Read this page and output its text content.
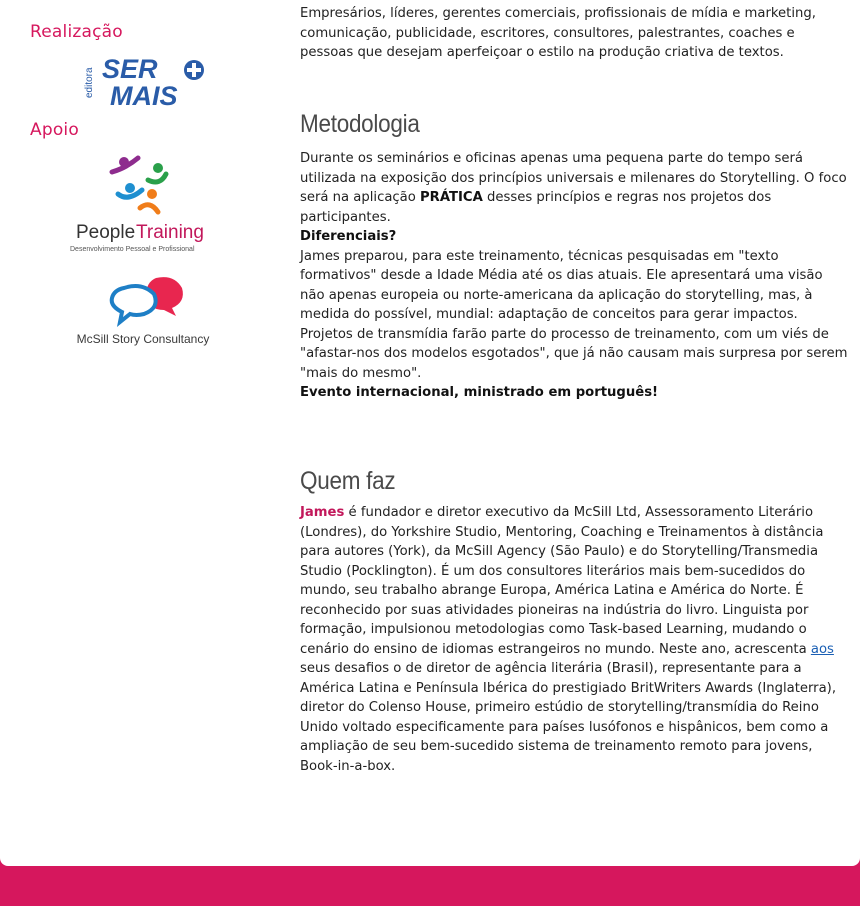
Realização
editora SER
MAIS
Apoio
People Training
Desenvolvimento Pessoal e Profissional
McSill Story Consultancy

Empresários, líderes, gerentes comerciais, profissionais de mídia e marketing, comunicação, publicidade, escritores, consultores, palestrantes, coaches e pessoas que desejam aperfeiçoar o estilo na produção criativa de textos.

Metodologia

Durante os seminários e oficinas apenas uma pequena parte do tempo será utilizada na exposição dos princípios universais e milenares do Storytelling. O foco será na aplicação PRÁTICA desses princípios e regras nos projetos dos participantes.

Diferenciais?
James preparou, para este treinamento, técnicas pesquisadas em "texto formativos" desde a Idade Média até os dias atuais. Ele apresentará uma visão não apenas europeia ou norte-americana da aplicação do storytelling, mas, à medida do possível, mundial: adaptação de conceitos para gerar impactos. Projetos de transmídia farão parte do processo de treinamento, com um viés de "afastar-nos dos modelos esgotados", que já não causam mais surpresa por serem "mais do mesmo".
Evento internacional, ministrado em português!

Quem faz

James é fundador e diretor executivo da McSill Ltd, Assessoramento Literário (Londres), do Yorkshire Studio, Mentoring, Coaching e Treinamentos à distância para autores (York), da McSill Agency (São Paulo) e do Storytelling/Transmedia Studio (Pocklington). É um dos consultores literários mais bem-sucedidos do mundo, seu trabalho abrange Europa, América Latina e América do Norte. É reconhecido por suas atividades pioneiras na indústria do livro. Linguista por formação, impulsionou metodologias como Task-based Learning, mudando o cenário do ensino de idiomas estrangeiros no mundo. Neste ano, acrescenta aos seus desafios o de diretor de agência literária (Brasil), representante para a América Latina e Península Ibérica do prestigiado BritWriters Awards (Inglaterra), diretor do Colenso House, primeiro estúdio de storytelling/transmídia do Reino Unido voltado especificamente para países lusófonos e hispânicos, bem como a ampliação de seu bem-sucedido sistema de treinamento remoto para jovens, Book-in-a-box.
